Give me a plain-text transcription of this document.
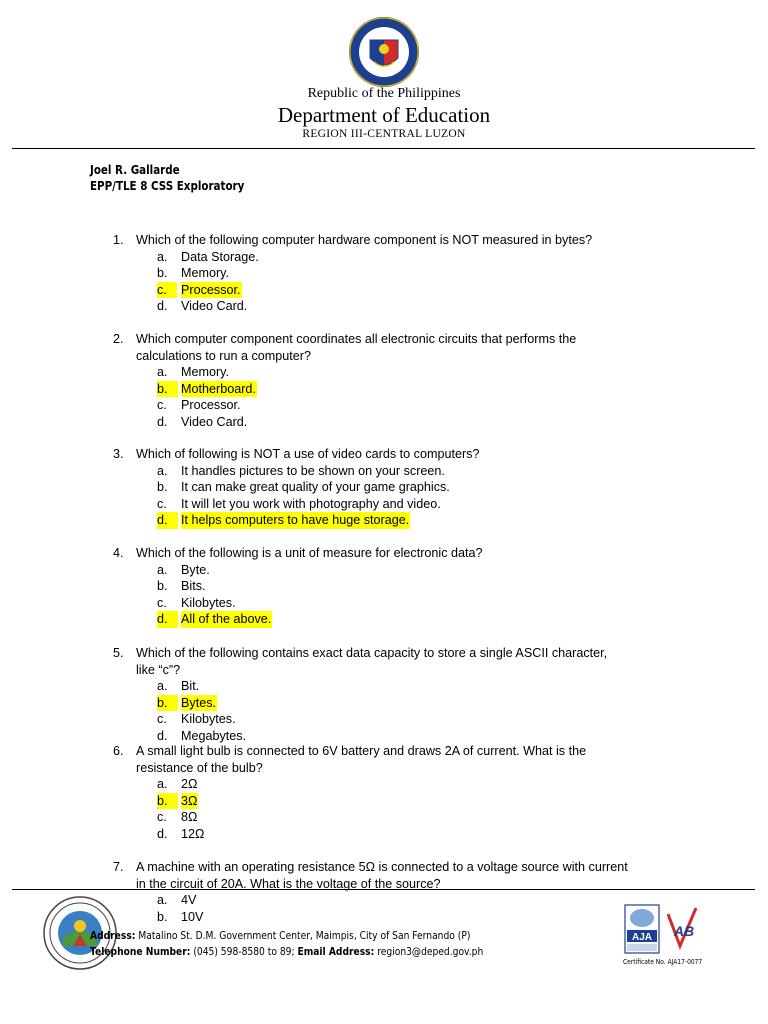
Republic of the Philippines
Department of Education
REGION III-CENTRAL LUZON
Joel R. Gallarde
EPP/TLE 8 CSS Exploratory
1. Which of the following computer hardware component is NOT measured in bytes?
a. Data Storage.
b. Memory.
c.	Processor.
d. Video Card.
2. Which computer component coordinates all electronic circuits that performs the
calculations to run a computer?
a. Memory.
b.	Motherboard.
c. Processor.
d. Video Card.
3. Which of following is NOT a use of video cards to computers?
a. It handles pictures to be shown on your screen.
b. It can make great quality of your game graphics.
c. It will let you work with photography and video.
d.	It helps computers to have huge storage.
4. Which of the following is a unit of measure for electronic data?
a. Byte.
b. Bits.
c. Kilobytes.
d.	All of the above.
5. Which of the following contains exact data capacity to store a single ASCII character,
like “c”?
a. Bit.
b.	Bytes.
c. Kilobytes.
d. Megabytes.
6. A small light bulb is connected to 6V battery and draws 2A of current. What is the
resistance of the bulb?
a. 2Ω
b.	3Ω
c. 8Ω
d. 12Ω
7. A machine with an operating resistance 5Ω is connected to a voltage source with current
in the circuit of 20A. What is the voltage of the source?
a. 4V
b. 10V
Address: Matalino St. D.M. Government Center, Maimpis, City of San Fernando (P)
Telephone Number: (045) 598-8580 to 89; Email Address: region3@deped.gov.ph
AJA AB
Certificate No. AJA17-0077
